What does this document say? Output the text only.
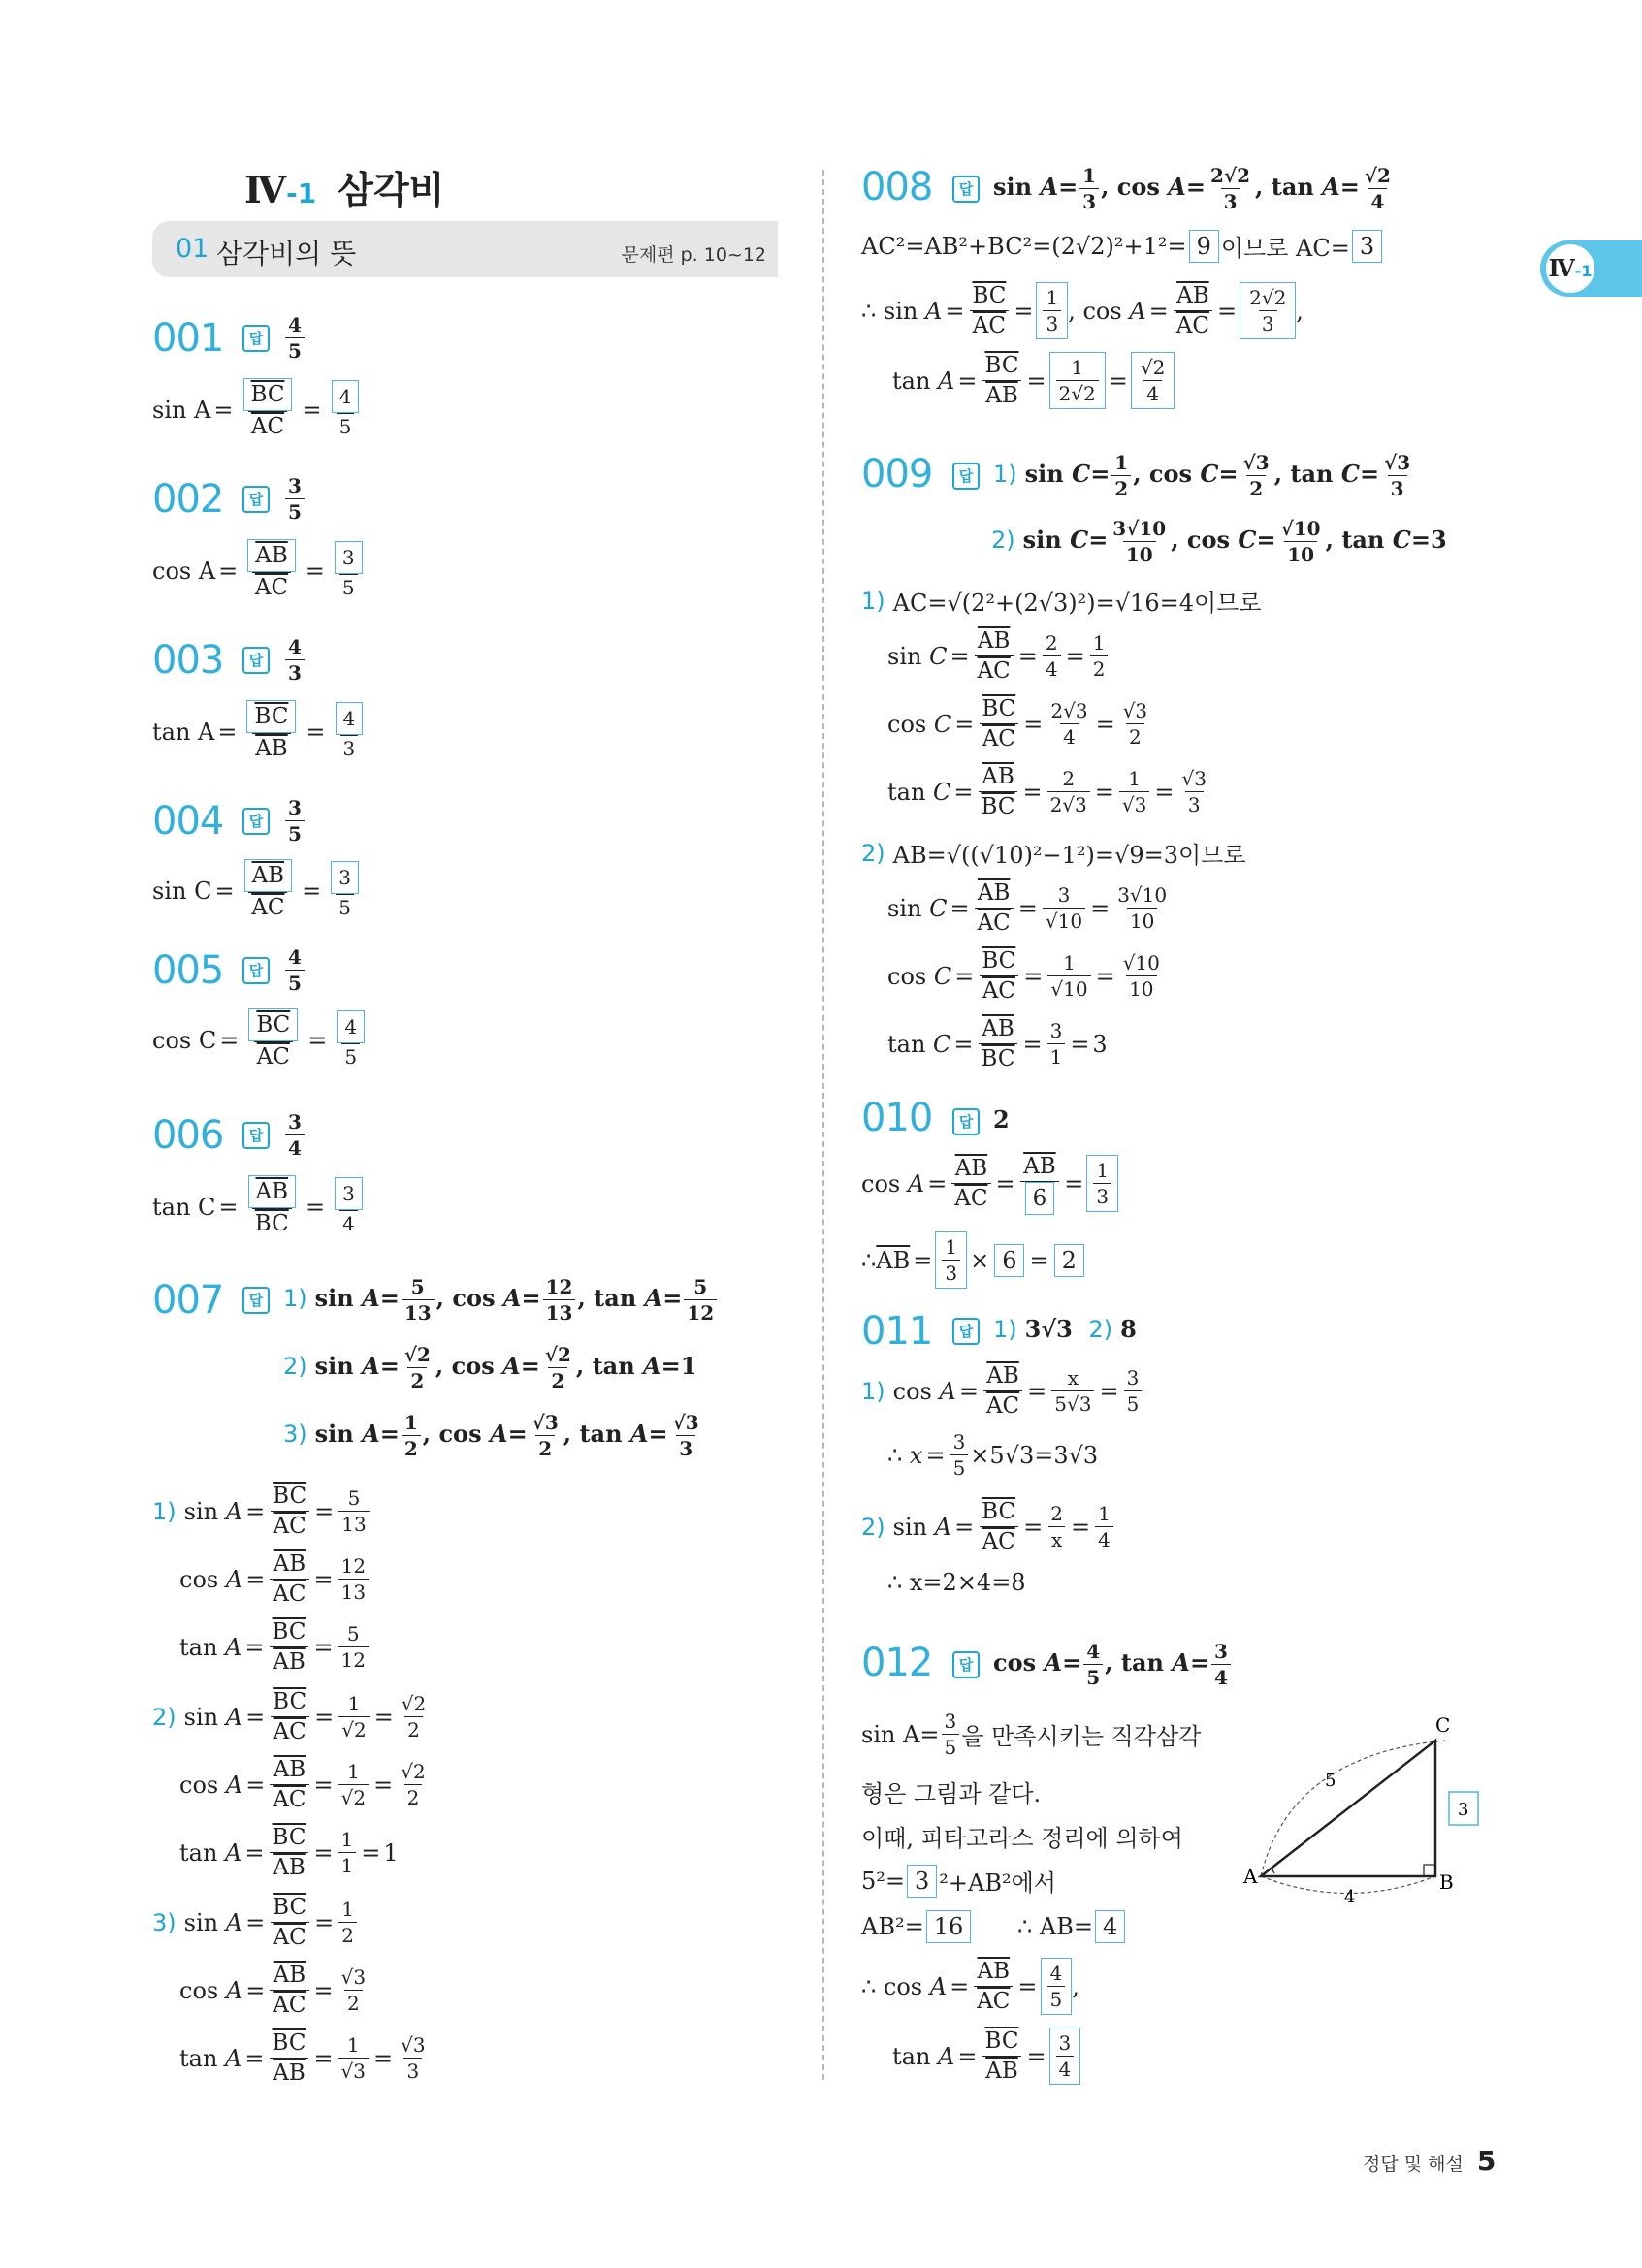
Ⅳ-1 삼각비
01 삼각비의 뜻	문제편 p. 10~12	Ⅳ-1
001	답 $\frac{4}{5}$
$\sin A = \frac{\overline{BC}}{AC} = \frac{4}{5}$
002	답 $\frac{3}{5}$
$\cos A = \frac{\overline{AB}}{AC} = \frac{3}{5}$
003	답 $\frac{4}{3}$
$\tan A = \frac{\overline{BC}}{AB} = \frac{4}{3}$
004	답 $\frac{3}{5}$
$\sin C = \frac{\overline{AB}}{AC} = \frac{3}{5}$
005	답 $\frac{4}{5}$
$\cos C = \frac{\overline{BC}}{AC} = \frac{4}{5}$
006	답 $\frac{3}{4}$
$\tan C = \frac{\overline{AB}}{BC} = \frac{3}{4}$
007	답 1) $\sin A= \frac{5}{13}$ , $\cos A= \frac{12}{13}$ , $\tan A= \frac{5}{12}$
2) $\sin A= \frac{√2}{2}$ , $\cos A= \frac{√2}{2}$ , tan A=1
3) $\sin A= \frac{1}{2}$ , $\cos A= \frac{√3}{2}$ , $\tan A= \frac{√3}{3}$
1) $\sin A = \frac{\overline{BC}}{AC} = \frac{5}{13}$
$\cos A = \frac{\overline{AB}}{AC} = \frac{12}{13}$
$\tan A = \frac{\overline{BC}}{AB} = \frac{5}{12}$
2) $\sin A = \frac{\overline{BC}}{AC} = \frac{1}{√2} = \frac{√2}{2}$
$\cos A = \frac{\overline{AB}}{AC} = \frac{1}{√2} = \frac{√2}{2}$
$\tan A = \frac{\overline{BC}}{AB} = \frac{1}{1} = 1$
3) $\sin A = \frac{\overline{BC}}{AC} = \frac{1}{2}$
$\cos A = \frac{\overline{AB}}{AC} = \frac{√3}{2}$
$\tan A = \frac{\overline{BC}}{AB} = \frac{1}{√3} = \frac{√3}{3}$
008	답 $\sin A= \frac{1}{3}$ , $\cos A= \frac{2√2}{3}$ , $\tan A= \frac{√2}{4}$
AC²=AB²+BC²=(2√2)²+1²= 9 이므로 AC= 3
∴ $\sin A = \frac{\overline{BC}}{AC} = \frac{1}{3}$ , $\cos A = \frac{\overline{AB}}{AC} = \frac{2√2}{3}$ ,
$\tan A = \frac{\overline{BC}}{AB} = \frac{1}{2√2} = \frac{√2}{4}$
009	답 1) $\sin C= \frac{1}{2}$ , $\cos C= \frac{√3}{2}$ , $\tan C= \frac{√3}{3}$
2) $\sin C= \frac{3√10}{10}$ , $\cos C= \frac{√10}{10}$ , tan C=3
1) AC=√(2²+(2√3)²)=√16=4이므로
$\sin C = \frac{\overline{AB}}{AC} = \frac{2}{4} = \frac{1}{2}$
$\cos C = \frac{\overline{BC}}{AC} = \frac{2√3}{4} = \frac{√3}{2}$
$\tan C = \frac{\overline{AB}}{BC} = \frac{2}{2√3} = \frac{1}{√3} = \frac{√3}{3}$
2) AB=√((√10)²−1²)=√9=3이므로
$\sin C = \frac{\overline{AB}}{AC} = \frac{3}{√10} = \frac{3√10}{10}$
$\cos C = \frac{\overline{BC}}{AC} = \frac{1}{√10} = \frac{√10}{10}$
$\tan C = \frac{\overline{AB}}{BC} = \frac{3}{1} = 3$
010	답 2
$\cos A = \frac{\overline{AB}}{AC} = \frac{\overline{AB}}{6} = \frac{1}{3}$
∴ $\overline{AB} = \frac{1}{3} \times 6 = 2$
011	답 1) 3√3 2) 8
1) $\cos A = \frac{\overline{AB}}{AC} = \frac{x}{5√3} = \frac{3}{5}$
∴ $x = \frac{3}{5} \times 5√3=3√3$
2) $\sin A = \frac{\overline{BC}}{AC} = \frac{2}{x} = \frac{1}{4}$
∴ x=2×4=8
012	답 $\cos A= \frac{4}{5}$ , $\tan A= \frac{3}{4}$
$\sin A= \frac{3}{5}$ 을 만족시키는 직각삼각
형은 그림과 같다.
이때, 피타고라스 정리에 의하여
5²= 3 ²+AB²에서
AB²= 16
	∴ AB= 4
∴ $\cos A = \frac{\overline{AB}}{AC} = \frac{4}{5}$ ,
$\tan A = \frac{\overline{BC}}{AB} = \frac{3}{4}$
A	B
C
5
4
3
정답 및 해설 5
